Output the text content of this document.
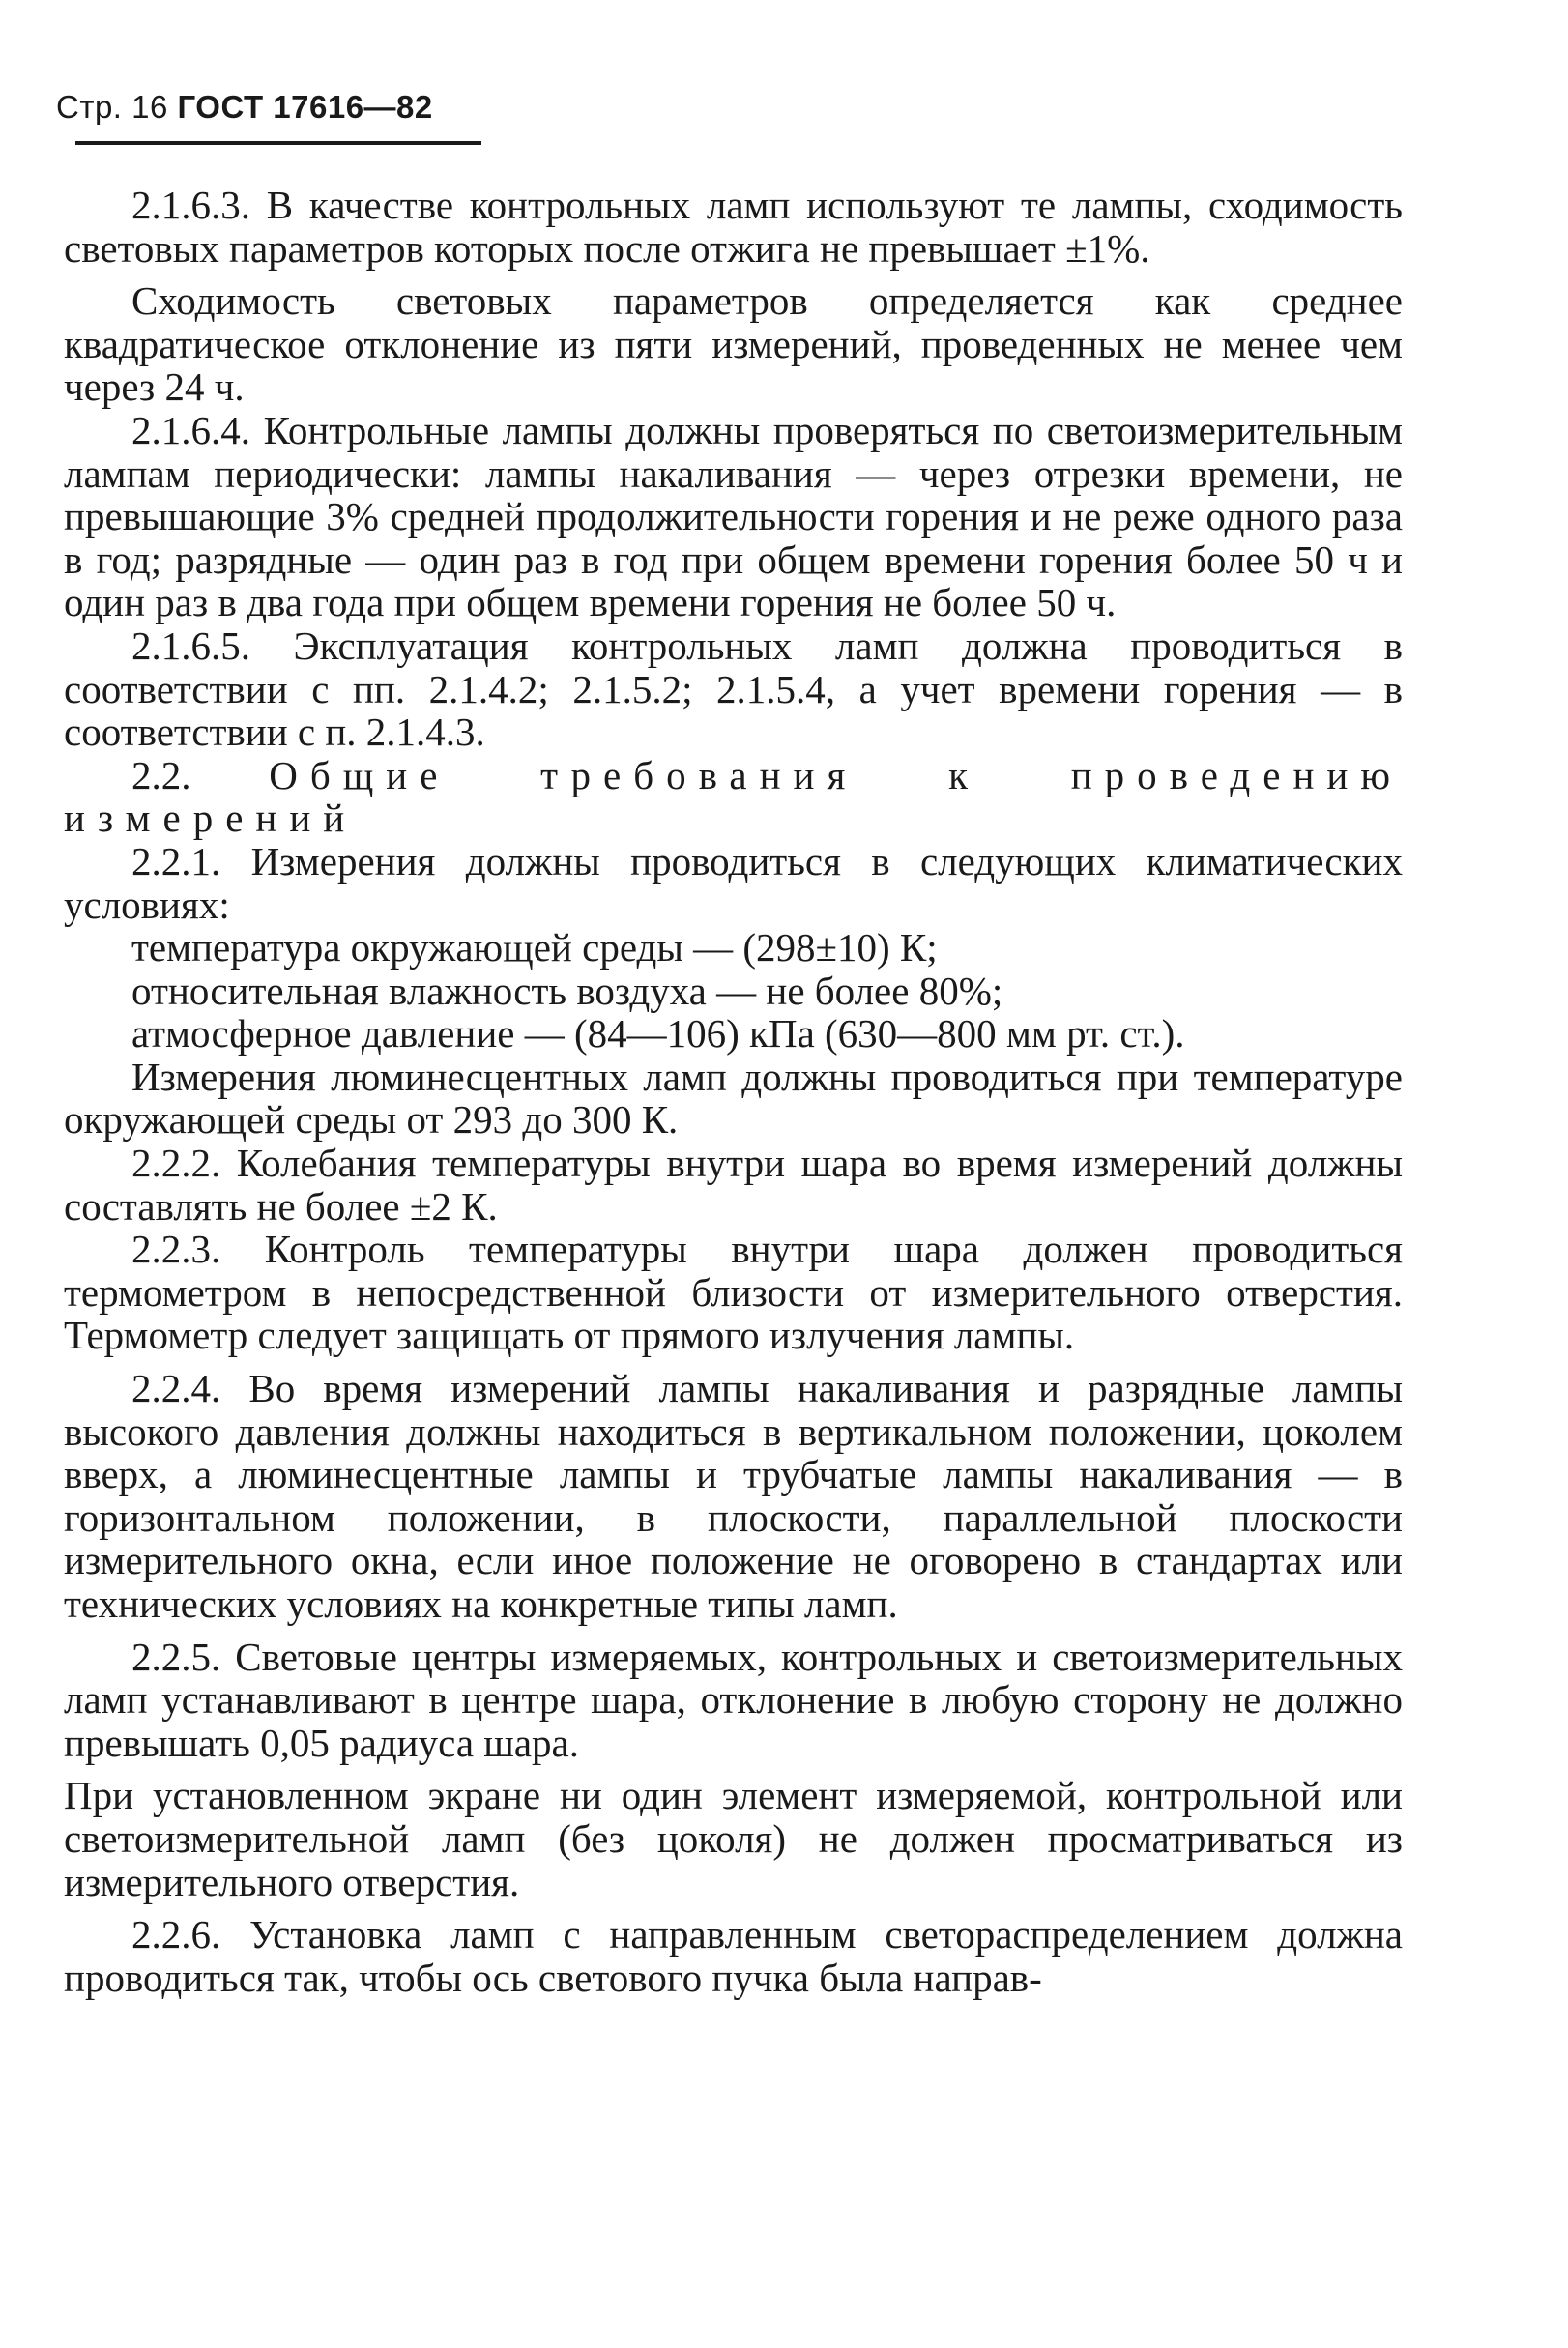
Стр. 16 ГОСТ 17616—82

2.1.6.3. В качестве контрольных ламп используют те лампы, сходимость световых параметров которых после отжига не превышает ±1%.

Сходимость световых параметров определяется как среднее квадратическое отклонение из пяти измерений, проведенных не менее чем через 24 ч.

2.1.6.4. Контрольные лампы должны проверяться по светоизмерительным лампам периодически: лампы накаливания — через отрезки времени, не превышающие 3% средней продолжительности горения и не реже одного раза в год; разрядные — один раз в год при общем времени горения более 50 ч и один раз в два года при общем времени горения не более 50 ч.

2.1.6.5. Эксплуатация контрольных ламп должна проводиться в соответствии с пп. 2.1.4.2; 2.1.5.2; 2.1.5.4, а учет времени горения — в соответствии с п. 2.1.4.3.

2.2. Общие требования к проведению измерений

2.2.1. Измерения должны проводиться в следующих климатических условиях:

температура окружающей среды — (298±10) К;

относительная влажность воздуха — не более 80%;

атмосферное давление — (84—106) кПа (630—800 мм рт. ст.).

Измерения люминесцентных ламп должны проводиться при температуре окружающей среды от 293 до 300 К.

2.2.2. Колебания температуры внутри шара во время измерений должны составлять не более ±2 К.

2.2.3. Контроль температуры внутри шара должен проводиться термометром в непосредственной близости от измерительного отверстия. Термометр следует защищать от прямого излучения лампы.

2.2.4. Во время измерений лампы накаливания и разрядные лампы высокого давления должны находиться в вертикальном положении, цоколем вверх, а люминесцентные лампы и трубчатые лампы накаливания — в горизонтальном положении, в плоскости, параллельной плоскости измерительного окна, если иное положение не оговорено в стандартах или технических условиях на конкретные типы ламп.

2.2.5. Световые центры измеряемых, контрольных и светоизмерительных ламп устанавливают в центре шара, отклонение в любую сторону не должно превышать 0,05 радиуса шара.

При установленном экране ни один элемент измеряемой, контрольной или светоизмерительной ламп (без цоколя) не должен просматриваться из измерительного отверстия.

2.2.6. Установка ламп с направленным светораспределением должна проводиться так, чтобы ось светового пучка была направ-
